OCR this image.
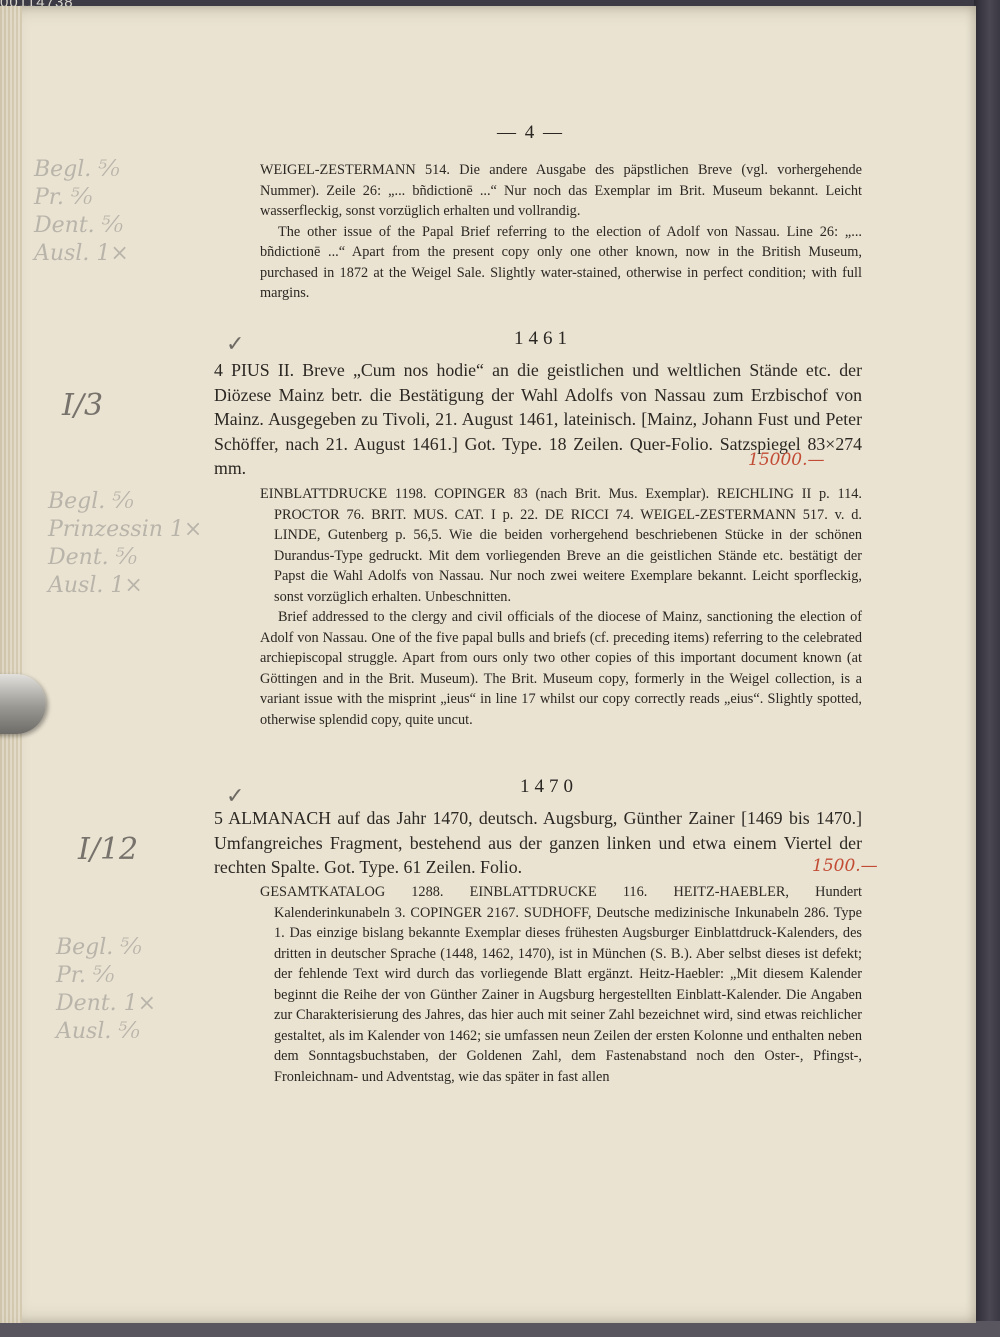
— 4 —

WEIGEL-ZESTERMANN 514. Die andere Ausgabe des päpstlichen Breve (vgl. vorhergehende Nummer). Zeile 26: „... bñdictionē ...“ Nur noch das Exemplar im Brit. Museum bekannt. Leicht wasserfleckig, sonst vorzüglich erhalten und vollrandig.

The other issue of the Papal Brief referring to the election of Adolf von Nassau. Line 26: „... bñdictionē ...“ Apart from the present copy only one other known, now in the British Museum, purchased in 1872 at the Weigel Sale. Slightly water-stained, otherwise in perfect condition; with full margins.

1461

4 PIUS II. Breve „Cum nos hodie“ an die geistlichen und weltlichen Stände etc. der Diözese Mainz betr. die Bestätigung der Wahl Adolfs von Nassau zum Erzbischof von Mainz. Ausgegeben zu Tivoli, 21. August 1461, lateinisch. [Mainz, Johann Fust und Peter Schöffer, nach 21. August 1461.] Got. Type. 18 Zeilen. Quer-Folio. Satzspiegel 83×274 mm.	15000.—

EINBLATTDRUCKE 1198. COPINGER 83 (nach Brit. Mus. Exemplar). REICHLING II p. 114. PROCTOR 76. BRIT. MUS. CAT. I p. 22. DE RICCI 74. WEIGEL-ZESTERMANN 517. v. d. LINDE, Gutenberg p. 56,5. Wie die beiden vorhergehend beschriebenen Stücke in der schönen Durandus-Type gedruckt. Mit dem vorliegenden Breve an die geistlichen Stände etc. bestätigt der Papst die Wahl Adolfs von Nassau. Nur noch zwei weitere Exemplare bekannt. Leicht sporfleckig, sonst vorzüglich erhalten. Unbeschnitten.

Brief addressed to the clergy and civil officials of the diocese of Mainz, sanctioning the election of Adolf von Nassau. One of the five papal bulls and briefs (cf. preceding items) referring to the celebrated archiepiscopal struggle. Apart from ours only two other copies of this important document known (at Göttingen and in the Brit. Museum). The Brit. Museum copy, formerly in the Weigel collection, is a variant issue with the misprint „ieus“ in line 17 whilst our copy correctly reads „eius“. Slightly spotted, otherwise splendid copy, quite uncut.

1470

5 ALMANACH auf das Jahr 1470, deutsch. Augsburg, Günther Zainer [1469 bis 1470.] Umfangreiches Fragment, bestehend aus der ganzen linken und etwa einem Viertel der rechten Spalte. Got. Type. 61 Zeilen. Folio.	1500.—

GESAMTKATALOG 1288. EINBLATTDRUCKE 116. HEITZ-HAEBLER, Hundert Kalenderinkunabeln 3. COPINGER 2167. SUDHOFF, Deutsche medizinische Inkunabeln 286. Type 1. Das einzige bislang bekannte Exemplar dieses frühesten Augsburger Einblattdruck-Kalenders, des dritten in deutscher Sprache (1448, 1462, 1470), ist in München (S. B.). Aber selbst dieses ist defekt; der fehlende Text wird durch das vorliegende Blatt ergänzt. Heitz-Haebler: „Mit diesem Kalender beginnt die Reihe der von Günther Zainer in Augsburg hergestellten Einblatt-Kalender. Die Angaben zur Charakterisierung des Jahres, das hier auch mit seiner Zahl bezeichnet wird, sind etwas reichlicher gestaltet, als im Kalender von 1462; sie umfassen neun Zeilen der ersten Kolonne und enthalten neben dem Sonntagsbuchstaben, der Goldenen Zahl, dem Fastenabstand noch den Oster-, Pfingst-, Fronleichnam- und Adventstag, wie das später in fast allen

Begl. ⁵⁄₀
Pr. ⁵⁄₀
Dent. ⁵⁄₀
Ausl. 1×
I/3
✓
Begl. ⁵⁄₀
Prinzessin 1×
Dent. ⁵⁄₀
Ausl. 1×
✓
I/12
Begl. ⁵⁄₀
Pr. ⁵⁄₀
Dent. 1×
Ausl. ⁵⁄₀
